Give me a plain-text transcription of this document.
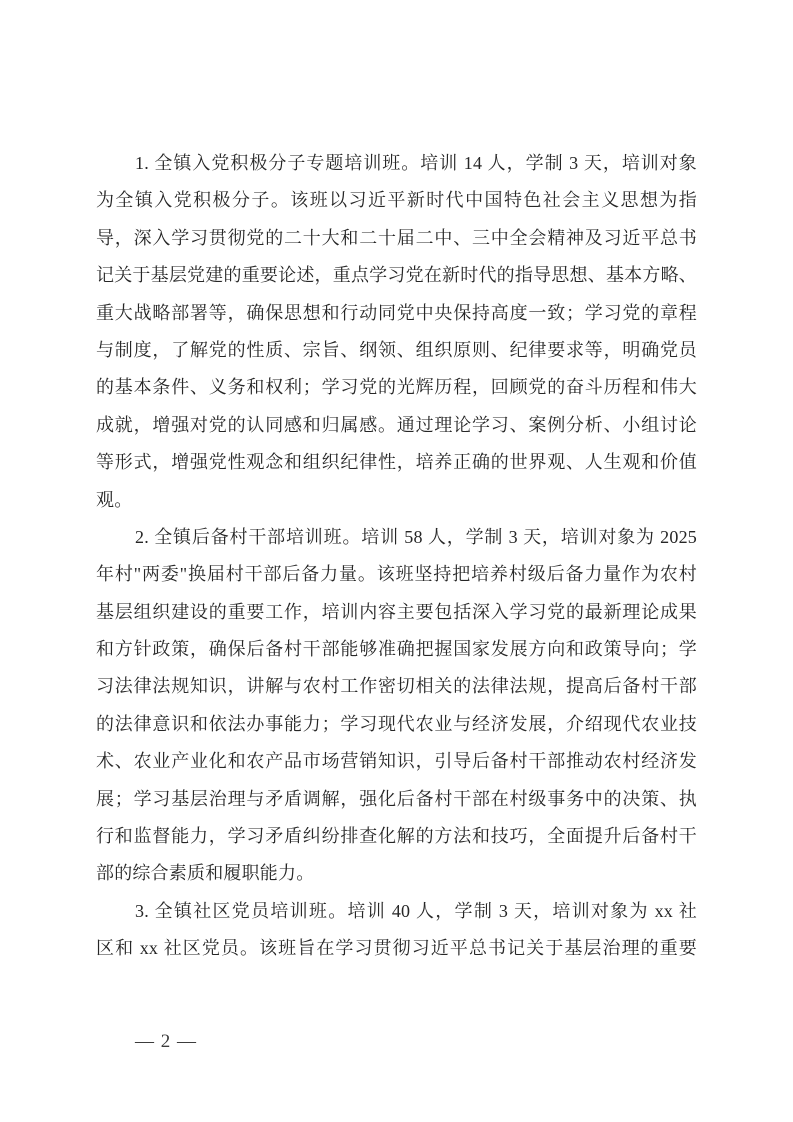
1. 全镇入党积极分子专题培训班。培训 14 人，学制 3 天，培训对象
为全镇入党积极分子。该班以习近平新时代中国特色社会主义思想为指
导，深入学习贯彻党的二十大和二十届二中、三中全会精神及习近平总书
记关于基层党建的重要论述，重点学习党在新时代的指导思想、基本方略、
重大战略部署等，确保思想和行动同党中央保持高度一致；学习党的章程
与制度，了解党的性质、宗旨、纲领、组织原则、纪律要求等，明确党员
的基本条件、义务和权利；学习党的光辉历程，回顾党的奋斗历程和伟大
成就，增强对党的认同感和归属感。通过理论学习、案例分析、小组讨论
等形式，增强党性观念和组织纪律性，培养正确的世界观、人生观和价值
观。
2. 全镇后备村干部培训班。培训 58 人，学制 3 天，培训对象为 2025
年村"两委"换届村干部后备力量。该班坚持把培养村级后备力量作为农村
基层组织建设的重要工作，培训内容主要包括深入学习党的最新理论成果
和方针政策，确保后备村干部能够准确把握国家发展方向和政策导向；学
习法律法规知识，讲解与农村工作密切相关的法律法规，提高后备村干部
的法律意识和依法办事能力；学习现代农业与经济发展，介绍现代农业技
术、农业产业化和农产品市场营销知识，引导后备村干部推动农村经济发
展；学习基层治理与矛盾调解，强化后备村干部在村级事务中的决策、执
行和监督能力，学习矛盾纠纷排查化解的方法和技巧，全面提升后备村干
部的综合素质和履职能力。
3. 全镇社区党员培训班。培训 40 人，学制 3 天，培训对象为 xx 社
区和 xx 社区党员。该班旨在学习贯彻习近平总书记关于基层治理的重要
— 2 —
